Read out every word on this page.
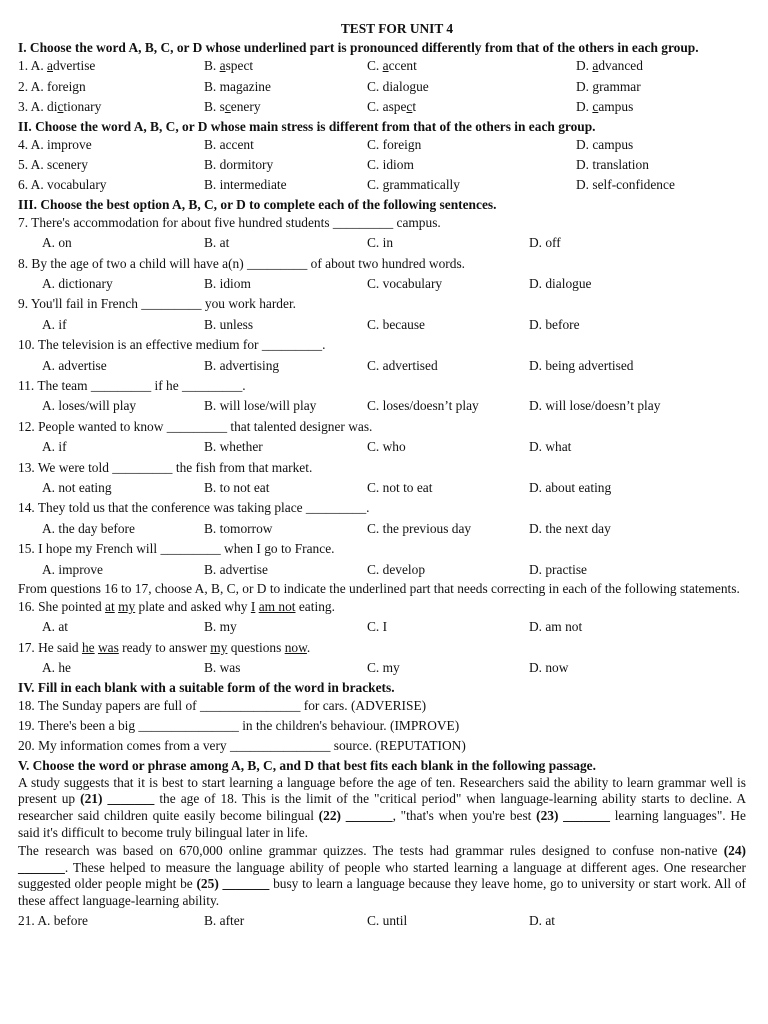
TEST FOR UNIT 4
I. Choose the word A, B, C, or D whose underlined part is pronounced differently from that of the others in each group.
1. A. advertise	B. aspect	C. accent	D. advanced
2. A. foreign	B. magazine	C. dialogue	D. grammar
3. A. dictionary	B. scenery	C. aspect	D. campus
II. Choose the word A, B, C, or D whose main stress is different from that of the others in each group.
4. A. improve	B. accent	C. foreign	D. campus
5. A. scenery	B. dormitory	C. idiom	D. translation
6. A. vocabulary	B. intermediate	C. grammatically	D. self-confidence
III. Choose the best option A, B, C, or D to complete each of the following sentences.
7. There's accommodation for about five hundred students _________ campus.
A. on	B. at	C. in	D. off
8. By the age of two a child will have a(n) _________ of about two hundred words.
A. dictionary	B. idiom	C. vocabulary	D. dialogue
9. You'll fail in French _________ you work harder.
A. if	B. unless	C. because	D. before
10. The television is an effective medium for _________.
A. advertise	B. advertising	C. advertised	D. being advertised
11. The team _________ if he _________.
A. loses/will play	B. will lose/will play	C. loses/doesn’t play	D. will lose/doesn’t play
12. People wanted to know _________ that talented designer was.
A. if	B. whether	C. who	D. what
13. We were told _________ the fish from that market.
A. not eating	B. to not eat	C. not to eat	D. about eating
14. They told us that the conference was taking place _________.
A. the day before	B. tomorrow	C. the previous day	D. the next day
15. I hope my French will _________ when I go to France.
A. improve	B. advertise	C. develop	D. practise
From questions 16 to 17, choose A, B, C, or D to indicate the underlined part that needs correcting in each of the following statements.
16. She pointed at my plate and asked why I am not eating.
A. at	B. my	C. I	D. am not
17. He said he was ready to answer my questions now.
A. he	B. was	C. my	D. now
IV. Fill in each blank with a suitable form of the word in brackets.
18. The Sunday papers are full of _______________ for cars. (ADVERISE)
19. There's been a big _______________ in the children's behaviour. (IMPROVE)
20. My information comes from a very _______________ source. (REPUTATION)
V. Choose the word or phrase among A, B, C, and D that best fits each blank in the following passage.
A study suggests that it is best to start learning a language before the age of ten. Researchers said the ability to learn grammar well is present up (21) _______ the age of 18. This is the limit of the "critical period" when language-learning ability starts to decline. A researcher said children quite easily become bilingual (22) _______, "that's when you're best (23) _______ learning languages". He said it's difficult to become truly bilingual later in life.
The research was based on 670,000 online grammar quizzes. The tests had grammar rules designed to confuse non-native (24) _______. These helped to measure the language ability of people who started learning a language at different ages. One researcher suggested older people might be (25) _______ busy to learn a language because they leave home, go to university or start work. All of these affect language-learning ability.
21. A. before	B. after	C. until	D. at
